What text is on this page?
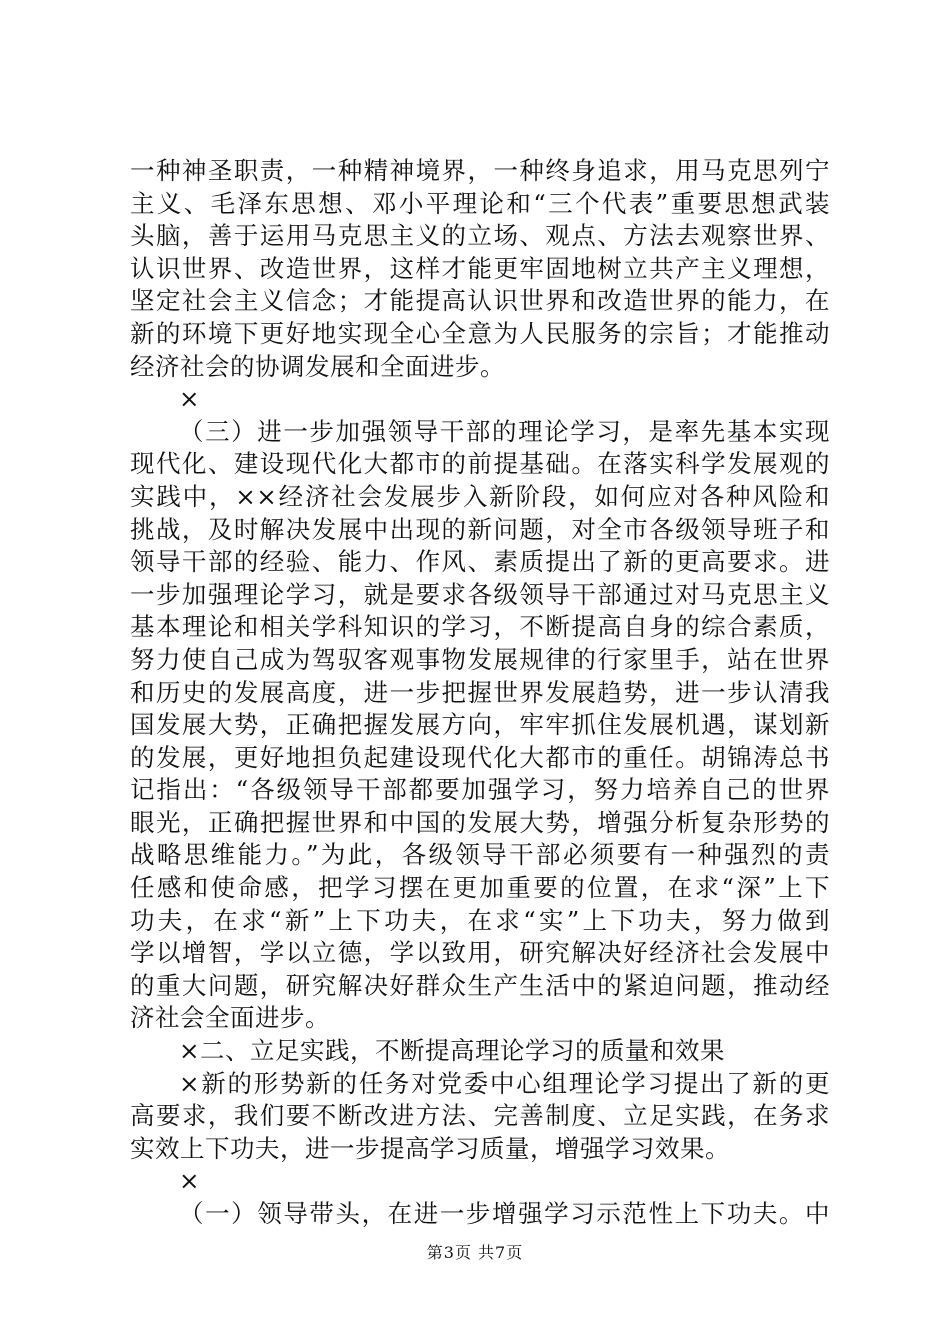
一种神圣职责，一种精神境界，一种终身追求，用马克思列宁
主义、毛泽东思想、邓小平理论和“三个代表”重要思想武装
头脑，善于运用马克思主义的立场、观点、方法去观察世界、
认识世界、改造世界，这样才能更牢固地树立共产主义理想，
坚定社会主义信念；才能提高认识世界和改造世界的能力，在
新的环境下更好地实现全心全意为人民服务的宗旨；才能推动
经济社会的协调发展和全面进步。
×
（三）进一步加强领导干部的理论学习，是率先基本实现
现代化、建设现代化大都市的前提基础。在落实科学发展观的
实践中，××经济社会发展步入新阶段，如何应对各种风险和
挑战，及时解决发展中出现的新问题，对全市各级领导班子和
领导干部的经验、能力、作风、素质提出了新的更高要求。进
一步加强理论学习，就是要求各级领导干部通过对马克思主义
基本理论和相关学科知识的学习，不断提高自身的综合素质，
努力使自己成为驾驭客观事物发展规律的行家里手，站在世界
和历史的发展高度，进一步把握世界发展趋势，进一步认清我
国发展大势，正确把握发展方向，牢牢抓住发展机遇，谋划新
的发展，更好地担负起建设现代化大都市的重任。胡锦涛总书
记指出：“各级领导干部都要加强学习，努力培养自己的世界
眼光，正确把握世界和中国的发展大势，增强分析复杂形势的
战略思维能力。”为此，各级领导干部必须要有一种强烈的责
任感和使命感，把学习摆在更加重要的位置，在求“深”上下
功夫，在求“新”上下功夫，在求“实”上下功夫，努力做到
学以增智，学以立德，学以致用，研究解决好经济社会发展中
的重大问题，研究解决好群众生产生活中的紧迫问题，推动经
济社会全面进步。
×二、立足实践，不断提高理论学习的质量和效果
×新的形势新的任务对党委中心组理论学习提出了新的更
高要求，我们要不断改进方法、完善制度、立足实践，在务求
实效上下功夫，进一步提高学习质量，增强学习效果。
×
（一）领导带头，在进一步增强学习示范性上下功夫。中
第3页 共7页
